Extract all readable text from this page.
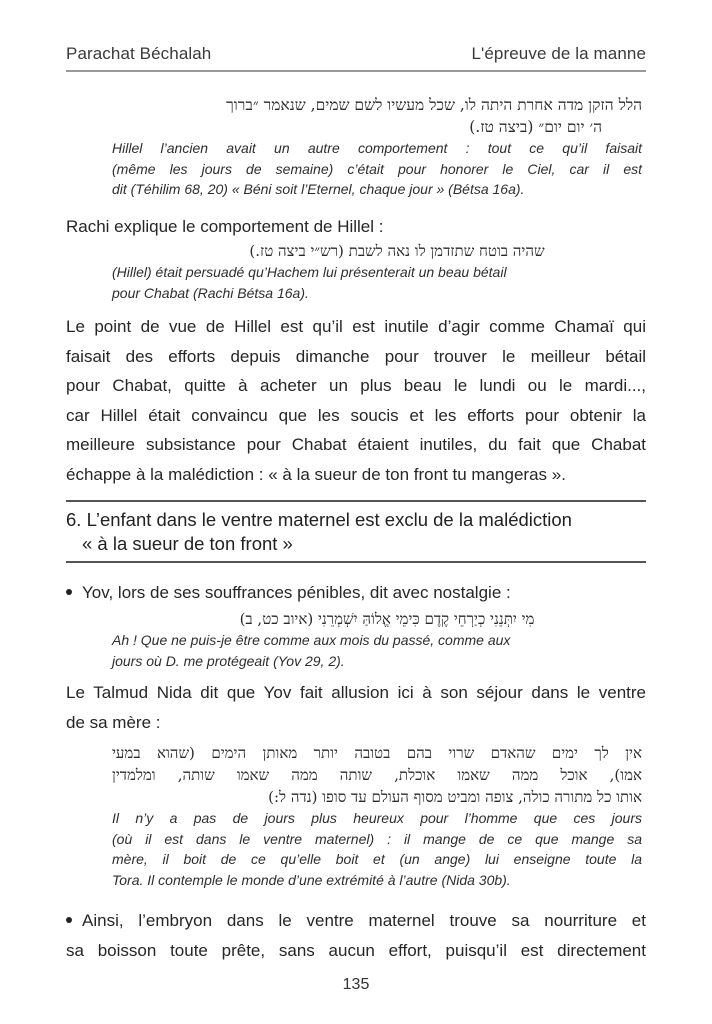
Parachat Béchalah	L'épreuve de la manne
הלל הזקן מדה אחרת היתה לו, שכל מעשיו לשם שמים, שנאמר ״ברוך
ה׳ יום יום״ (ביצה טז.)
Hillel l’ancien avait un autre comportement : tout ce qu’il faisait
(même les jours de semaine) c’était pour honorer le Ciel, car il est
dit (Téhilim 68, 20) « Béni soit l’Eternel, chaque jour » (Bétsa 16a).
Rachi explique le comportement de Hillel :
שהיה בוטח שתזדמן לו נאה לשבת (רש״י ביצה טז.)
(Hillel) était persuadé qu’Hachem lui présenterait un beau bétail
pour Chabat (Rachi Bétsa 16a).
Le point de vue de Hillel est qu’il est inutile d’agir comme Chamaï qui
faisait des efforts depuis dimanche pour trouver le meilleur bétail
pour Chabat, quitte à acheter un plus beau le lundi ou le mardi...,
car Hillel était convaincu que les soucis et les efforts pour obtenir la
meilleure subsistance pour Chabat étaient inutiles, du fait que Chabat
échappe à la malédiction : « à la sueur de ton front tu mangeras ».
6. L’enfant dans le ventre maternel est exclu de la malédiction
« à la sueur de ton front »
Yov, lors de ses souffrances pénibles, dit avec nostalgie :
מִי יִתְּנֵנִי כְיַרְחֵי קֶדֶם כִּימֵי אֱלוֹהַּ יִשְׁמְרֵנִי (איוב כט, ב)
Ah ! Que ne puis-je être comme aux mois du passé, comme aux
jours où D. me protégeait (Yov 29, 2).
Le Talmud Nida dit que Yov fait allusion ici à son séjour dans le ventre
de sa mère :
אין לך ימים שהאדם שרוי בהם בטובה יותר מאותן הימים (שהוא במעי
אמו), אוכל ממה שאמו אוכלת, שותה ממה שאמו שותה, ומלמדין
אותו כל מתורה כולה, צופה ומביט מסוף העולם עד סופו (נדה ל:)
Il n’y a pas de jours plus heureux pour l’homme que ces jours
(où il est dans le ventre maternel) : il mange de ce que mange sa
mère, il boit de ce qu’elle boit et (un ange) lui enseigne toute la
Tora. Il contemple le monde d’une extrémité à l’autre (Nida 30b).
Ainsi, l’embryon dans le ventre maternel trouve sa nourriture et
sa boisson toute prête, sans aucun effort, puisqu’il est directement
135
